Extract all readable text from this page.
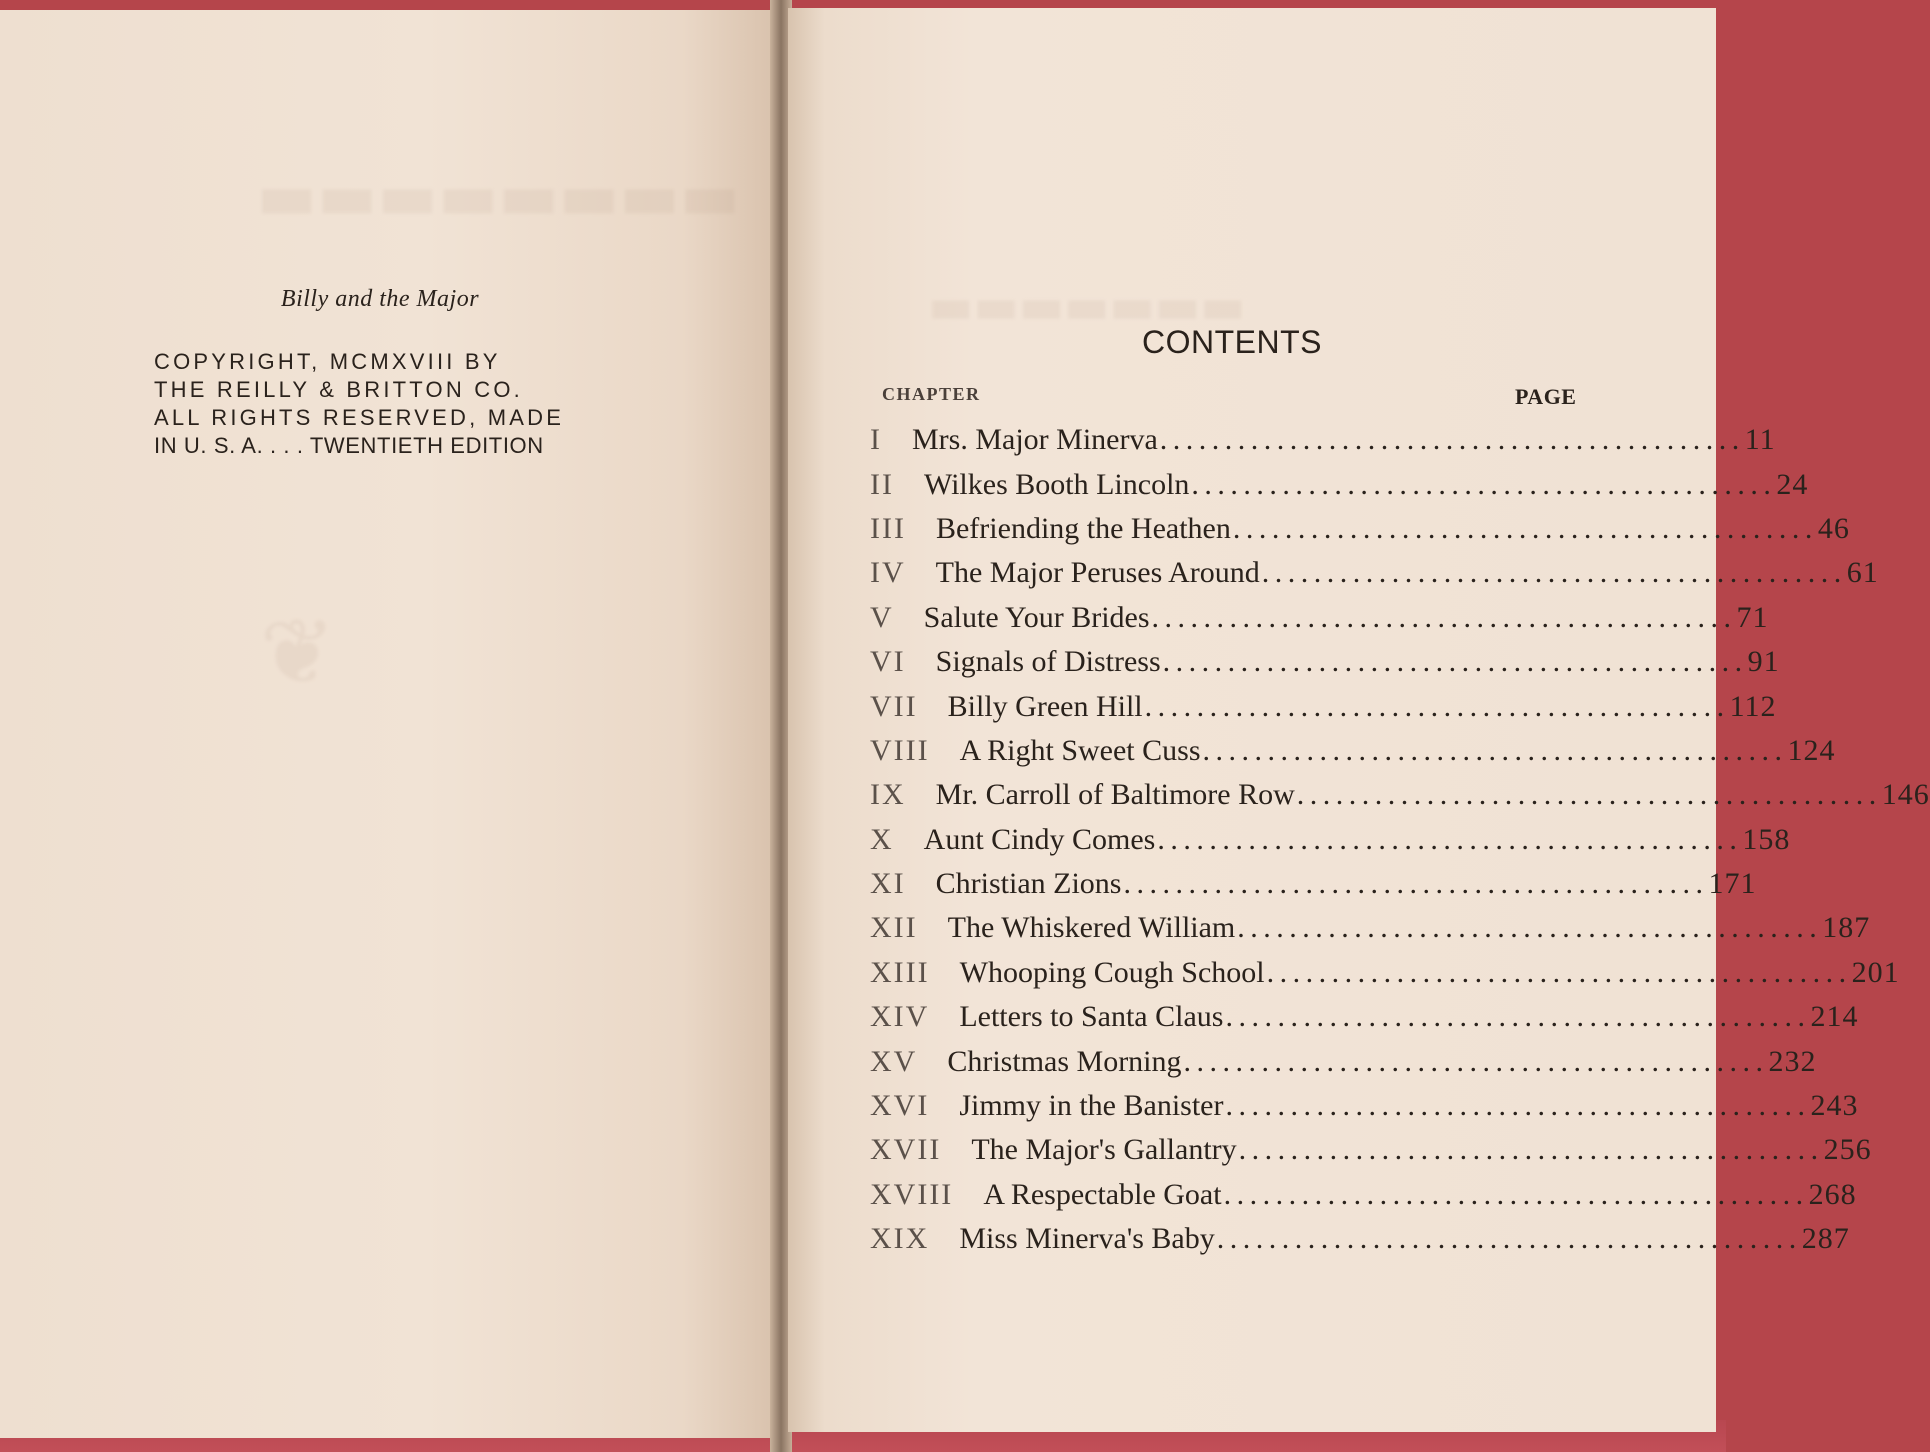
▬▬▬▬▬▬▬▬
❦
Billy and the Major
COPYRIGHT, MCMXVIII BY
THE REILLY & BRITTON CO.
ALL RIGHTS RESERVED, MADE
IN U. S. A. . . . TWENTIETH EDITION
▬▬▬▬▬▬▬
CONTENTS
CHAPTER	PAGE
I	Mrs. Major Minerva ............................................. 11
II	Wilkes Booth Lincoln ............................................. 24
III	Befriending the Heathen ............................................. 46
IV	The Major Peruses Around ............................................. 61
V	Salute Your Brides ............................................. 71
VI	Signals of Distress ............................................. 91
VII	Billy Green Hill ............................................. 112
VIII	A Right Sweet Cuss ............................................. 124
IX	Mr. Carroll of Baltimore Row ............................................. 146
X	Aunt Cindy Comes ............................................. 158
XI	Christian Zions ............................................. 171
XII	The Whiskered William ............................................. 187
XIII	Whooping Cough School ............................................. 201
XIV	Letters to Santa Claus ............................................. 214
XV	Christmas Morning ............................................. 232
XVI	Jimmy in the Banister ............................................. 243
XVII	The Major's Gallantry ............................................. 256
XVIII	A Respectable Goat ............................................. 268
XIX	Miss Minerva's Baby ............................................. 287
